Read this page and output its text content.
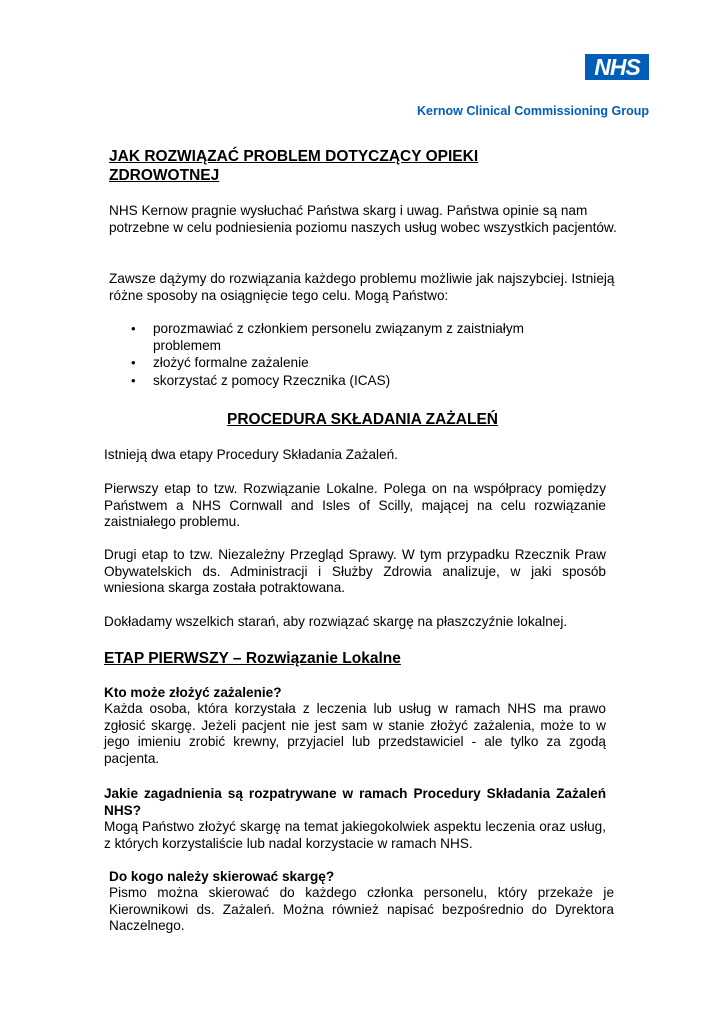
NHS
Kernow Clinical Commissioning Group
JAK ROZWIĄZAĆ PROBLEM DOTYCZĄCY OPIEKI ZDROWOTNEJ
NHS Kernow pragnie wysłuchać Państwa skarg i uwag. Państwa opinie są nam potrzebne w celu podniesienia poziomu naszych usług wobec wszystkich pacjentów.
Zawsze dążymy do rozwiązania każdego problemu możliwie jak najszybciej. Istnieją różne sposoby na osiągnięcie tego celu. Mogą Państwo:
• porozmawiać z członkiem personelu związanym z zaistniałym problemem
• złożyć formalne zażalenie
• skorzystać z pomocy Rzecznika (ICAS)
PROCEDURA SKŁADANIA ZAŻALEŃ
Istnieją dwa etapy Procedury Składania Zażaleń.
Pierwszy etap to tzw. Rozwiązanie Lokalne. Polega on na współpracy pomiędzy Państwem a NHS Cornwall and Isles of Scilly, mającej na celu rozwiązanie zaistniałego problemu.
Drugi etap to tzw. Niezależny Przegląd Sprawy. W tym przypadku Rzecznik Praw Obywatelskich ds. Administracji i Służby Zdrowia analizuje, w jaki sposób wniesiona skarga została potraktowana.
Dokładamy wszelkich starań, aby rozwiązać skargę na płaszczyźnie lokalnej.
ETAP PIERWSZY – Rozwiązanie Lokalne
Kto może złożyć zażalenie?
Każda osoba, która korzystała z leczenia lub usług w ramach NHS ma prawo zgłosić skargę. Jeżeli pacjent nie jest sam w stanie złożyć zażalenia, może to w jego imieniu zrobić krewny, przyjaciel lub przedstawiciel - ale tylko za zgodą pacjenta.
Jakie zagadnienia są rozpatrywane w ramach Procedury Składania Zażaleń NHS?
Mogą Państwo złożyć skargę na temat jakiegokolwiek aspektu leczenia oraz usług, z których korzystaliście lub nadal korzystacie w ramach NHS.
Do kogo należy skierować skargę?
Pismo można skierować do każdego członka personelu, który przekaże je Kierownikowi ds. Zażaleń. Można również napisać bezpośrednio do Dyrektora Naczelnego.
